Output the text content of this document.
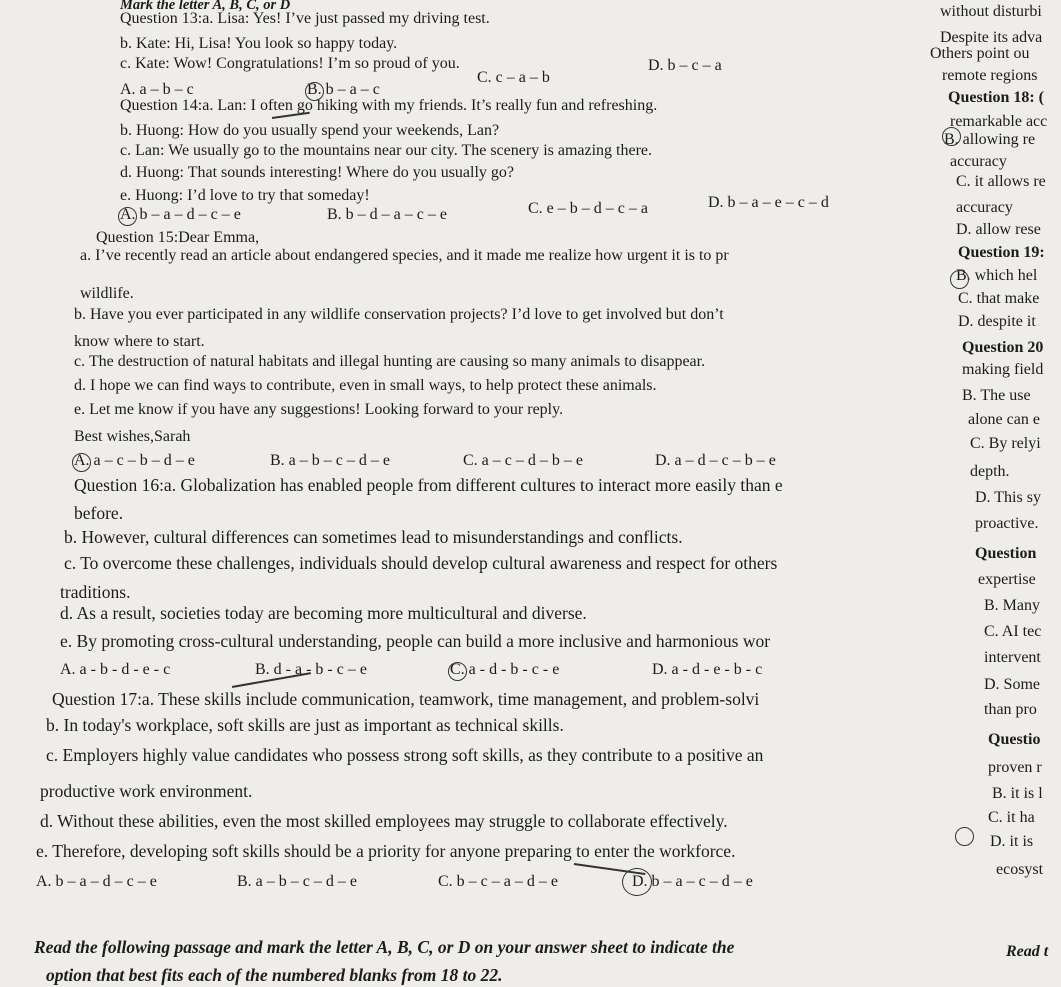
Mark the letter A, B, C, or D
Question 13:a. Lisa: Yes! I’ve just passed my driving test.
b. Kate: Hi, Lisa! You look so happy today.
c. Kate: Wow! Congratulations! I’m so proud of you.
A. a – b – c	B. b – a – c
C. c – a – b
D. b – c – a
Question 14:a. Lan: I often go hiking with my friends. It’s really fun and refreshing.
b. Huong: How do you usually spend your weekends, Lan?
c. Lan: We usually go to the mountains near our city. The scenery is amazing there.
d. Huong: That sounds interesting! Where do you usually go?
e. Huong: I’d love to try that someday!
A. b – a – d – c – e	B. b – d – a – c – e	C. e – b – d – c – a	D. b – a – e – c – d
Question 15:Dear Emma,
a. I’ve recently read an article about endangered species, and it made me realize how urgent it is to pr
wildlife.
b. Have you ever participated in any wildlife conservation projects? I’d love to get involved but don’t
know where to start.
c. The destruction of natural habitats and illegal hunting are causing so many animals to disappear.
d. I hope we can find ways to contribute, even in small ways, to help protect these animals.
e. Let me know if you have any suggestions! Looking forward to your reply.
Best wishes,Sarah
A. a – c – b – d – e	B. a – b – c – d – e	C. a – c – d – b – e	D. a – d – c – b – e
Question 16:a. Globalization has enabled people from different cultures to interact more easily than e
before.
b. However, cultural differences can sometimes lead to misunderstandings and conflicts.
c. To overcome these challenges, individuals should develop cultural awareness and respect for others
traditions.
d. As a result, societies today are becoming more multicultural and diverse.
e. By promoting cross-cultural understanding, people can build a more inclusive and harmonious wor
A. a - b - d - e - c	B. d - a - b - c – e	C. a - d - b - c - e	D. a - d - e - b - c
Question 17:a. These skills include communication, teamwork, time management, and problem-solvi
b. In today's workplace, soft skills are just as important as technical skills.
c. Employers highly value candidates who possess strong soft skills, as they contribute to a positive an
productive work environment.
d. Without these abilities, even the most skilled employees may struggle to collaborate effectively.
e. Therefore, developing soft skills should be a priority for anyone preparing to enter the workforce.
A. b – a – d – c – e	B. a – b – c – d – e	C. b – c – a – d – e	D. b – a – c – d – e
Read the following passage and mark the letter A, B, C, or D on your answer sheet to indicate the
option that best fits each of the numbered blanks from 18 to 22.
without disturbi
Despite its adva
Others point ou
remote regions
Question 18: (
remarkable acc
B. allowing re
accuracy
C. it allows re
accuracy
D. allow rese
Question 19:
B. which hel
C. that make
D. despite it
Question 20
making field
B. The use
alone can e
C. By relyi
depth.
D. This sy
proactive.
Question
expertise
B. Many
C. AI tec
intervent
D. Some
than pro
Questio
proven r
B. it is l
C. it ha
D. it is
ecosyst
Read t
